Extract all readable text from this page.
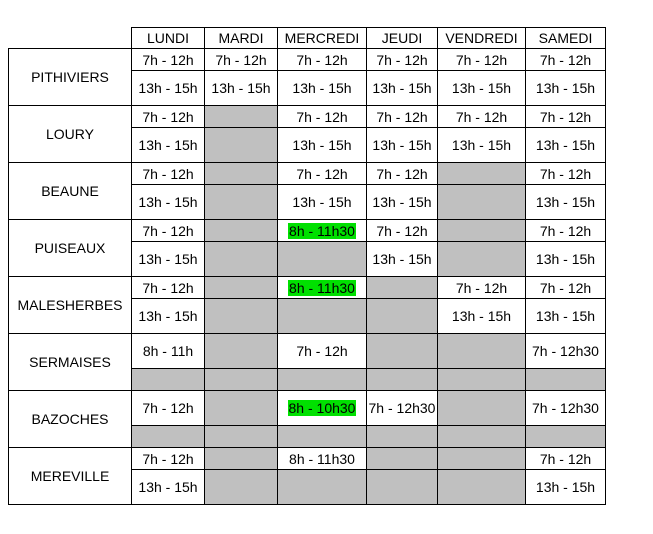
	LUNDI	MARDI	MERCREDI	JEUDI	VENDREDI	SAMEDI
PITHIVIERS	7h - 12h	7h - 12h	7h - 12h	7h - 12h	7h - 12h	7h - 12h
	13h - 15h	13h - 15h	13h - 15h	13h - 15h	13h - 15h	13h - 15h
LOURY	7h - 12h		7h - 12h	7h - 12h	7h - 12h	7h - 12h
	13h - 15h		13h - 15h	13h - 15h	13h - 15h	13h - 15h
BEAUNE	7h - 12h		7h - 12h	7h - 12h		7h - 12h
	13h - 15h		13h - 15h	13h - 15h		13h - 15h
PUISEAUX	7h - 12h		8h - 11h30	7h - 12h		7h - 12h
	13h - 15h			13h - 15h		13h - 15h
MALESHERBES	7h - 12h		8h - 11h30		7h - 12h	7h - 12h
	13h - 15h				13h - 15h	13h - 15h
SERMAISES	8h - 11h		7h - 12h			7h - 12h30

BAZOCHES	7h - 12h		8h - 10h30	7h - 12h30		7h - 12h30

MEREVILLE	7h - 12h		8h - 11h30			7h - 12h
	13h - 15h					13h - 15h
